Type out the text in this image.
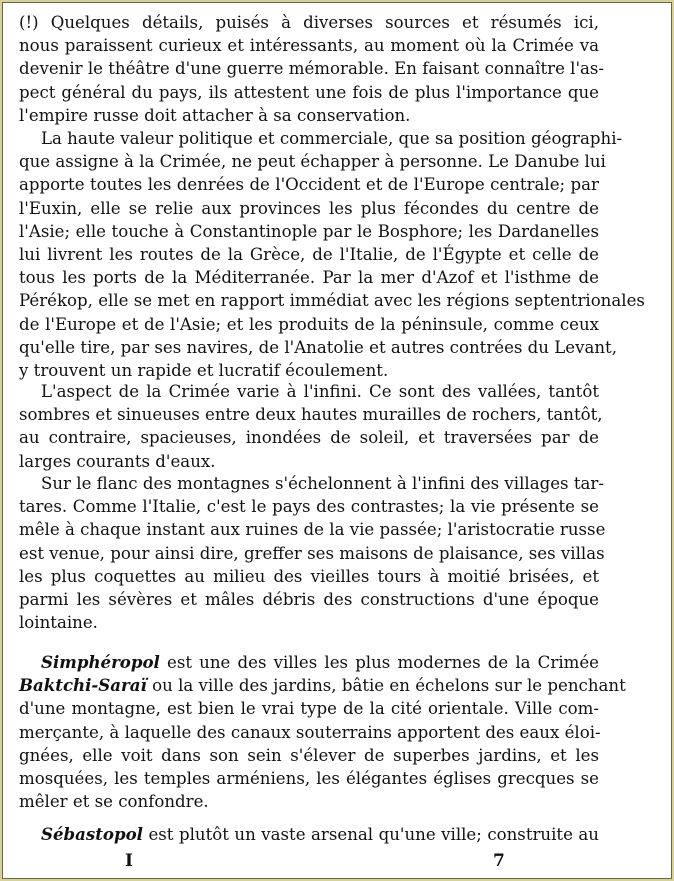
(!) Quelques détails, puisés à diverses sources et résumés ici,
nous paraissent curieux et intéressants, au moment où la Crimée va
devenir le théâtre d'une guerre mémorable. En faisant connaître l'as-
pect général du pays, ils attestent une fois de plus l'importance que
l'empire russe doit attacher à sa conservation.
La haute valeur politique et commerciale, que sa position géographi-
que assigne à la Crimée, ne peut échapper à personne. Le Danube lui
apporte toutes les denrées de l'Occident et de l'Europe centrale; par
l'Euxin, elle se relie aux provinces les plus fécondes du centre de
l'Asie; elle touche à Constantinople par le Bosphore; les Dardanelles
lui livrent les routes de la Grèce, de l'Italie, de l'Égypte et celle de
tous les ports de la Méditerranée. Par la mer d'Azof et l'isthme de
Pérékop, elle se met en rapport immédiat avec les régions septentrionales
de l'Europe et de l'Asie; et les produits de la péninsule, comme ceux
qu'elle tire, par ses navires, de l'Anatolie et autres contrées du Levant,
y trouvent un rapide et lucratif écoulement.
L'aspect de la Crimée varie à l'infini. Ce sont des vallées, tantôt
sombres et sinueuses entre deux hautes murailles de rochers, tantôt,
au contraire, spacieuses, inondées de soleil, et traversées par de
larges courants d'eaux.
Sur le flanc des montagnes s'échelonnent à l'infini des villages tar-
tares. Comme l'Italie, c'est le pays des contrastes; la vie présente se
mêle à chaque instant aux ruines de la vie passée; l'aristocratie russe
est venue, pour ainsi dire, greffer ses maisons de plaisance, ses villas
les plus coquettes au milieu des vieilles tours à moitié brisées, et
parmi les sévères et mâles débris des constructions d'une époque
lointaine.
Simphéropol est une des villes les plus modernes de la Crimée
Baktchi-Saraï ou la ville des jardins, bâtie en échelons sur le penchant
d'une montagne, est bien le vrai type de la cité orientale. Ville com-
merçante, à laquelle des canaux souterrains apportent des eaux éloi-
gnées, elle voit dans son sein s'élever de superbes jardins, et les
mosquées, les temples arméniens, les élégantes églises grecques se
mêler et se confondre.
Sébastopol est plutôt un vaste arsenal qu'une ville; construite au
I	7
